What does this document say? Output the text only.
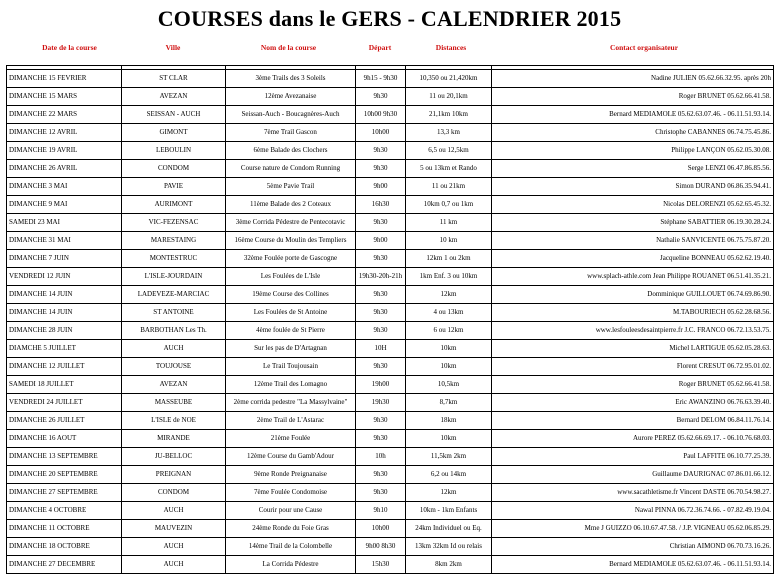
COURSES dans le GERS - CALENDRIER 2015
Date de la course	Ville	Nom de la course	Départ	Distances	Contact organisateur

DIMANCHE 15 FEVRIER	ST CLAR	3ème Trails des 3 Soleils	9h15 - 9h30	10,350 ou 21,420km	Nadine JULIEN 05.62.66.32.95. après 20h
DIMANCHE 15 MARS	AVEZAN	12ème Avezanaise	9h30	11 ou 20,1km	Roger BRUNET 05.62.66.41.58.
DIMANCHE 22 MARS	SEISSAN - AUCH	Seissan-Auch - Boucagnères-Auch	10h00 9h30	21,1km 10km	Bernard MEDIAMOLE 05.62.63.07.46. - 06.11.51.93.14.
DIMANCHE 12 AVRIL	GIMONT	7ème Trail Gascon	10h00	13,3 km	Christophe CABANNES 06.74.75.45.86.
DIMANCHE 19 AVRIL	LEBOULIN	6ème Balade des Clochers	9h30	6,5 ou 12,5km	Philippe LANÇON 05.62.05.30.08.
DIMANCHE 26 AVRIL	CONDOM	Course nature de Condom Running	9h30	5 ou 13km et Rando	Serge LENZI 06.47.86.85.56.
DIMANCHE 3 MAI	PAVIE	5ème Pavie Trail	9h00	11 ou 21km	Simon DURAND 06.86.35.94.41.
DIMANCHE 9 MAI	AURIMONT	11ème Balade des 2 Coteaux	16h30	10km 0,7 ou 1km	Nicolas DELORENZI 05.62.65.45.32.
SAMEDI 23 MAI	VIC-FEZENSAC	3ème Corrida Pédestre de Pentecotavic	9h30	11 km	Stéphane SABATTIER 06.19.30.28.24.
DIMANCHE 31 MAI	MARESTAING	16ème Course du Moulin des Templiers	9h00	10 km	Nathalie SANVICENTE 06.75.75.87.20.
DIMANCHE 7 JUIN	MONTESTRUC	32ème Foulée porte de Gascogne	9h30	12km 1 ou 2km	Jacqueline BONNEAU 05.62.62.19.40.
VENDREDI 12 JUIN	L'ISLE-JOURDAIN	Les Foulées de L'Isle	19h30-20h-21h	1km Enf. 3 ou 10km	www.splach-athle.com Jean Philippe ROUANET 06.51.41.35.21.
DIMANCHE 14 JUIN	LADEVEZE-MARCIAC	19ème Course des Collines	9h30	12km	Domminique GUILLOUET 06.74.69.86.90.
DIMANCHE 14 JUIN	ST ANTOINE	Les Foulées de St Antoine	9h30	4 ou 13km	M.TABOURIECH 05.62.28.68.56.
DIMANCHE 28 JUIN	BARBOTHAN Les Th.	4ème foulée de St Pierre	9h30	6 ou 12km	www.lesfouleesdesaintpierre.fr J.C. FRANCO 06.72.13.53.75.
DIAMCHE 5 JUILLET	AUCH	Sur les pas de D'Artagnan	10H	10km	Michel LARTIGUE 05.62.05.28.63.
DIMANCHE 12 JUILLET	TOUJOUSE	Le Trail Toujousain	9h30	10km	Florent CRESUT 06.72.95.01.02.
SAMEDI 18 JUILLET	AVEZAN	12ème Trail des Lomagno	19h00	10,5km	Roger BRUNET 05.62.66.41.58.
VENDREDI 24 JUILLET	MASSEUBE	2ème corrida pedestre "La Massylvaine"	19h30	8,7km	Eric AWANZINO 06.76.63.39.40.
DIMANCHE 26 JUILLET	L'ISLE de NOE	2ème Trail de L'Astarac	9h30	18km	Bernard DELOM 06.84.11.76.14.
DIMANCHE 16 AOUT	MIRANDE	21ème Foulée	9h30	10km	Aurore PEREZ 05.62.66.69.17. - 06.10.76.68.03.
DIMANCHE 13 SEPTEMBRE	JU-BELLOC	12ème Course du Gamb'Adour	10h	11,5km 2km	Paul LAFFITE 06.10.77.25.39.
DIMANCHE 20 SEPTEMBRE	PREIGNAN	9ème Ronde Preignanaise	9h30	6,2 ou 14km	Guillaume DAURIGNAC 07.86.01.66.12.
DIMANCHE 27 SEPTEMBRE	CONDOM	7ème Foulée Condomoise	9h30	12km	www.sacathletisme.fr Vincent DASTE 06.70.54.98.27.
DIMANCHE 4 OCTOBRE	AUCH	Courir pour une Cause	9h10	10km - 1km Enfants	Nawal PINNA 06.72.36.74.66. - 07.82.49.19.04.
DIMANCHE 11 OCTOBRE	MAUVEZIN	24ème Ronde du Foie Gras	10h00	24km Individuel ou Eq.	Mme J GUIZZO 06.10.67.47.58. / J.P. VIGNEAU 05.62.06.85.29.
DIMANCHE 18 OCTOBRE	AUCH	14ème Trail de la Colombelle	9h00 8h30	13km 32km Id ou relais	Christian AIMOND 06.70.73.16.26.
DIMANCHE 27 DECEMBRE	AUCH	La Corrida Pédestre	15h30	8km 2km	Bernard MEDIAMOLE 05.62.63.07.46. - 06.11.51.93.14.
